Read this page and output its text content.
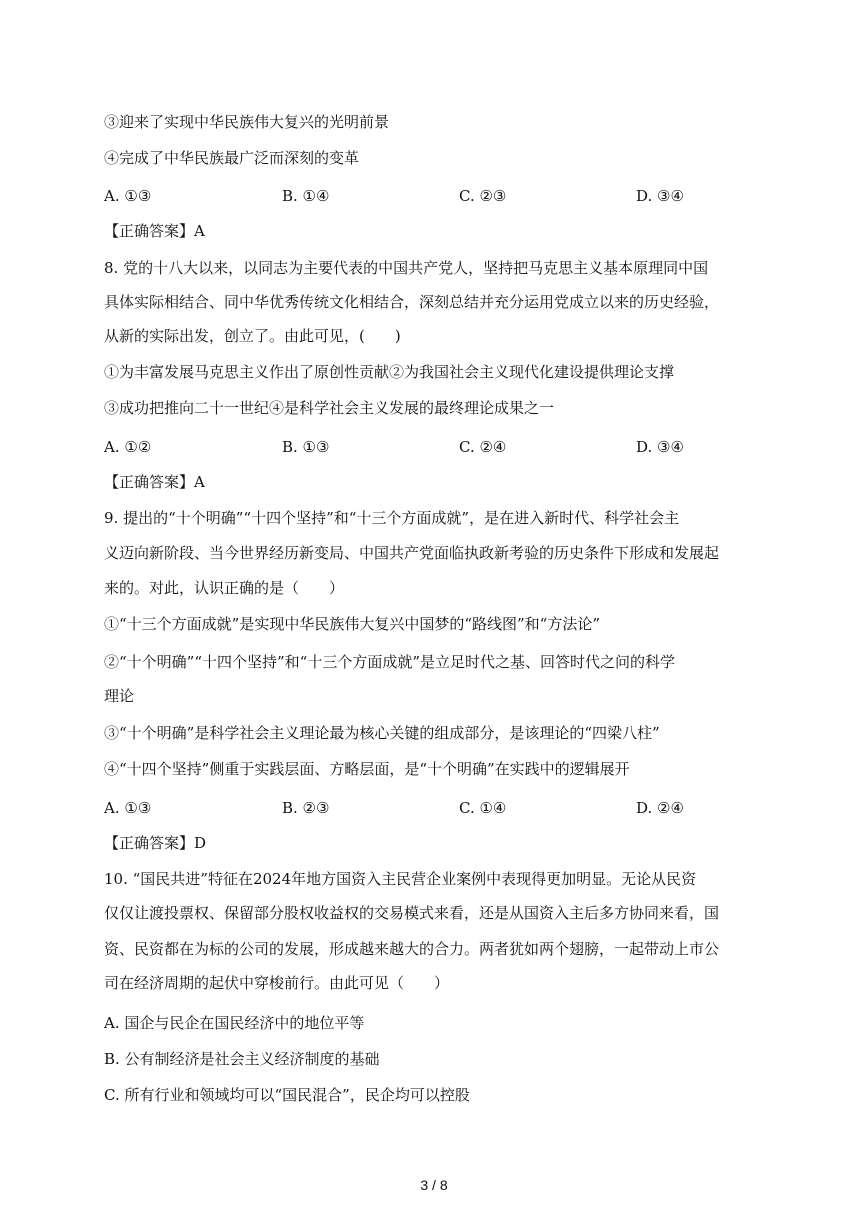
③迎来了实现中华民族伟大复兴的光明前景
④完成了中华民族最广泛而深刻的变革
A. ①③	B. ①④	C. ②③	D. ③④
【正确答案】A
8. 党的十八大以来，以同志为主要代表的中国共产党人，坚持把马克思主义基本原理同中国
具体实际相结合、同中华优秀传统文化相结合，深刻总结并充分运用党成立以来的历史经验，
从新的实际出发，创立了。由此可见，(　　)
①为丰富发展马克思主义作出了原创性贡献②为我国社会主义现代化建设提供理论支撑
③成功把推向二十一世纪④是科学社会主义发展的最终理论成果之一
A. ①②	B. ①③	C. ②④	D. ③④
【正确答案】A
9. 提出的“十个明确”“十四个坚持”和“十三个方面成就”，是在进入新时代、科学社会主
义迈向新阶段、当今世界经历新变局、中国共产党面临执政新考验的历史条件下形成和发展起
来的。对此，认识正确的是（　　）
①“十三个方面成就”是实现中华民族伟大复兴中国梦的“路线图”和“方法论”
②“十个明确”“十四个坚持”和“十三个方面成就”是立足时代之基、回答时代之问的科学
理论
③“十个明确”是科学社会主义理论最为核心关键的组成部分，是该理论的“四梁八柱”
④“十四个坚持”侧重于实践层面、方略层面，是“十个明确”在实践中的逻辑展开
A. ①③	B. ②③	C. ①④	D. ②④
【正确答案】D
10. “国民共进”特征在2024年地方国资入主民营企业案例中表现得更加明显。无论从民资
仅仅让渡投票权、保留部分股权收益权的交易模式来看，还是从国资入主后多方协同来看，国
资、民资都在为标的公司的发展，形成越来越大的合力。两者犹如两个翅膀，一起带动上市公
司在经济周期的起伏中穿梭前行。由此可见（　　）
A. 国企与民企在国民经济中的地位平等
B. 公有制经济是社会主义经济制度的基础
C. 所有行业和领域均可以“国民混合”，民企均可以控股
3 / 8
